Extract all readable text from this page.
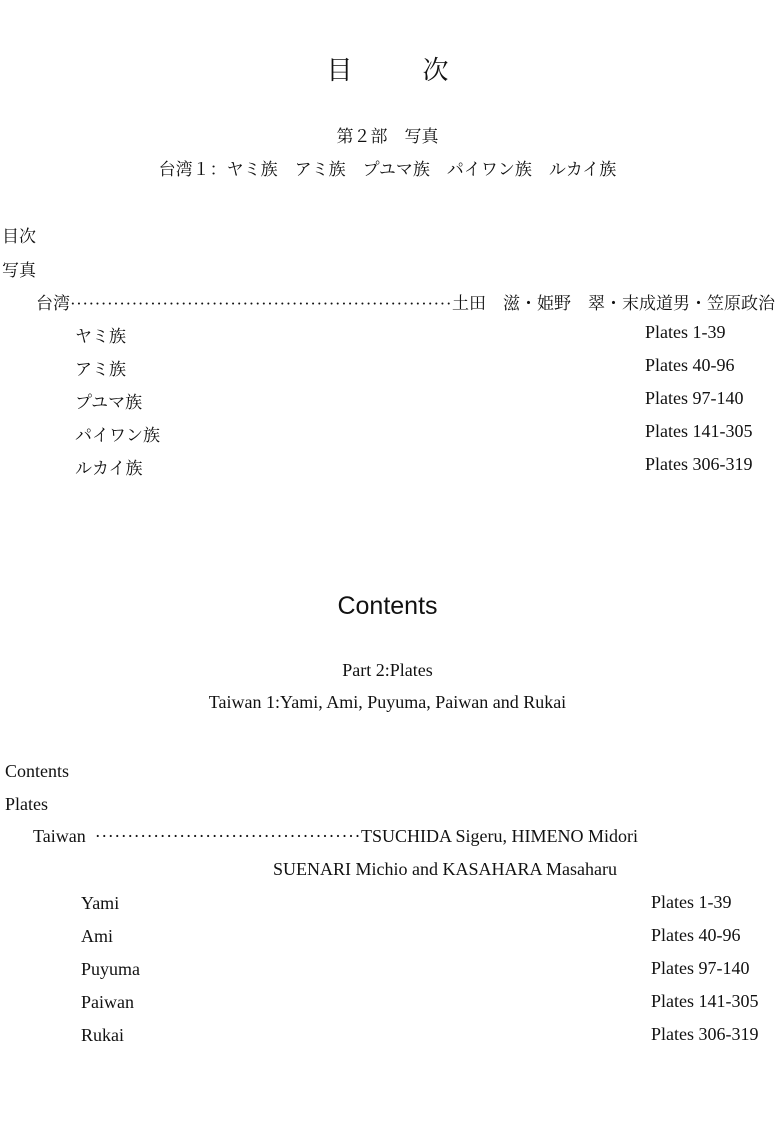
目	次
第２部　写真
台湾１：ヤミ族　アミ族　プユマ族　パイワン族　ルカイ族
目次
写真
台湾······························································土田　滋・姫野　翠・末成道男・笠原政治
ヤミ族	Plates 1-39
アミ族	Plates 40-96
プユマ族	Plates 97-140
パイワン族	Plates 141-305
ルカイ族	Plates 306-319
Contents
Part 2:Plates
Taiwan 1:Yami, Ami, Puyuma, Paiwan and Rukai
Contents
Plates
Taiwan ·········································TSUCHIDA Sigeru, HIMENO Midori
SUENARI Michio and KASAHARA Masaharu
Yami	Plates 1-39
Ami	Plates 40-96
Puyuma	Plates 97-140
Paiwan	Plates 141-305
Rukai	Plates 306-319
